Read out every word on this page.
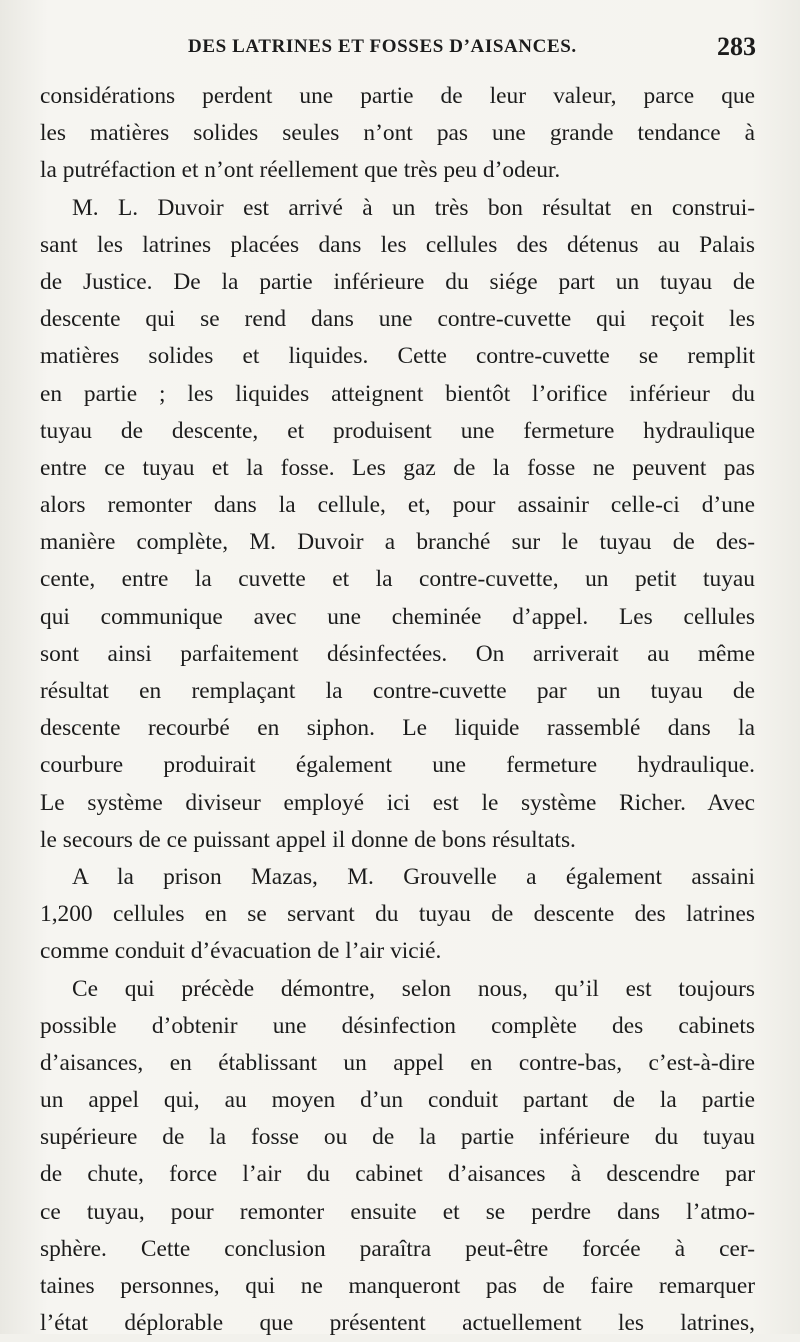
DES LATRINES ET FOSSES D’AISANCES.	283
considérations perdent une partie de leur valeur, parce que
les matières solides seules n’ont pas une grande tendance à
la putréfaction et n’ont réellement que très peu d’odeur.
M. L. Duvoir est arrivé à un très bon résultat en construi-
sant les latrines placées dans les cellules des détenus au Palais
de Justice. De la partie inférieure du siége part un tuyau de
descente qui se rend dans une contre-cuvette qui reçoit les
matières solides et liquides. Cette contre-cuvette se remplit
en partie ; les liquides atteignent bientôt l’orifice inférieur du
tuyau de descente, et produisent une fermeture hydraulique
entre ce tuyau et la fosse. Les gaz de la fosse ne peuvent pas
alors remonter dans la cellule, et, pour assainir celle-ci d’une
manière complète, M. Duvoir a branché sur le tuyau de des-
cente, entre la cuvette et la contre-cuvette, un petit tuyau
qui communique avec une cheminée d’appel. Les cellules
sont ainsi parfaitement désinfectées. On arriverait au même
résultat en remplaçant la contre-cuvette par un tuyau de
descente recourbé en siphon. Le liquide rassemblé dans la
courbure produirait également une fermeture hydraulique.
Le système diviseur employé ici est le système Richer. Avec
le secours de ce puissant appel il donne de bons résultats.
A la prison Mazas, M. Grouvelle a également assaini
1,200 cellules en se servant du tuyau de descente des latrines
comme conduit d’évacuation de l’air vicié.
Ce qui précède démontre, selon nous, qu’il est toujours
possible d’obtenir une désinfection complète des cabinets
d’aisances, en établissant un appel en contre-bas, c’est-à-dire
un appel qui, au moyen d’un conduit partant de la partie
supérieure de la fosse ou de la partie inférieure du tuyau
de chute, force l’air du cabinet d’aisances à descendre par
ce tuyau, pour remonter ensuite et se perdre dans l’atmo-
sphère. Cette conclusion paraîtra peut-être forcée à cer-
taines personnes, qui ne manqueront pas de faire remarquer
l’état déplorable que présentent actuellement les latrines,
